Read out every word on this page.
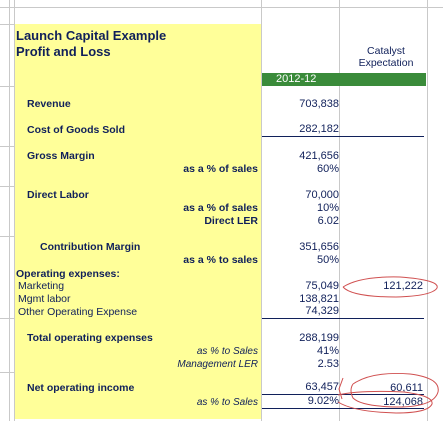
Launch Capital Example
Profit and Loss	Catalyst
Expectation
2012-12
Revenue	703,838
Cost of Goods Sold	282,182
Gross Margin	421,656
as a % of sales	60%
Direct Labor	70,000
as a % of sales	10%
Direct LER	6.02
Contribution Margin	351,656
as a % to sales	50%
Operating expenses:
Marketing	75,049	121,222
Mgmt labor	138,821
Other Operating Expense	74,329
Total operating expenses	288,199
as % to Sales	41%
Management LER	2.53
Net operating income	63,457	60,611
as % to Sales	9.02%	124,068
